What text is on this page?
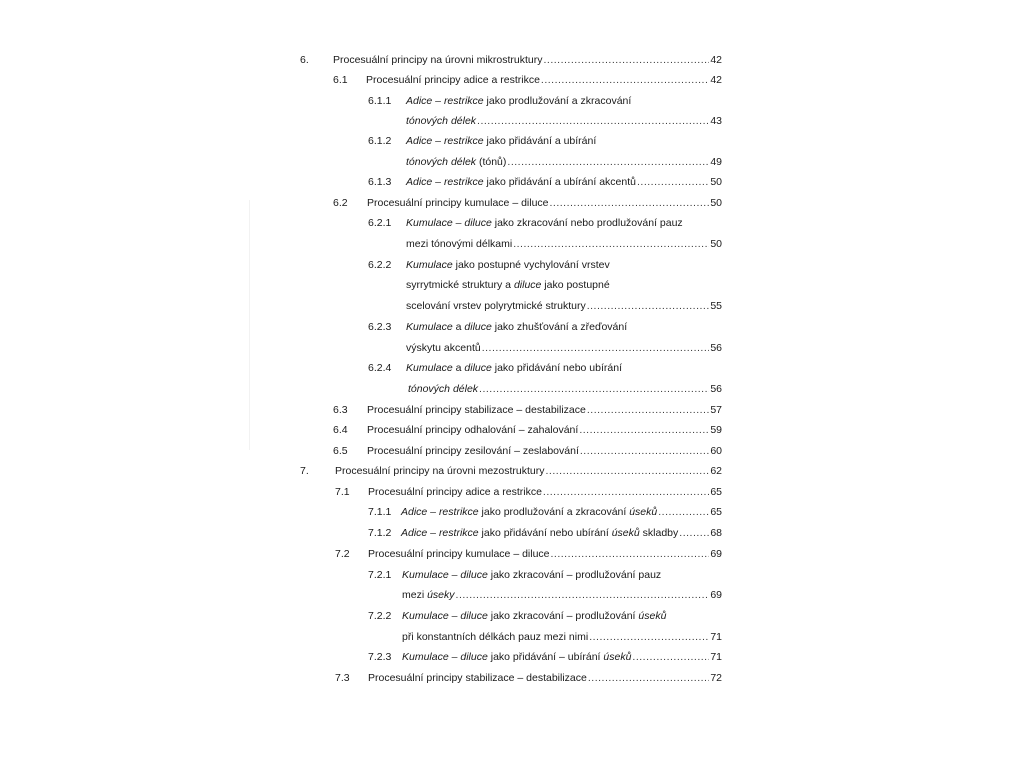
6. Procesuální principy na úrovni mikrostruktury .....	42
6.1 Procesuální principy adice a restrikce .....	42
6.1.1 Adice – restrikce jako prodlužování a zkracování
tónových délek .....	43
6.1.2 Adice – restrikce jako přidávání a ubírání
tónových délek (tónů) .....	49
6.1.3 Adice – restrikce jako přidávání a ubírání akcentů .....	50
6.2 Procesuální principy kumulace – diluce .....	50
6.2.1 Kumulace – diluce jako zkracování nebo prodlužování pauz
mezi tónovými délkami .....	50
6.2.2 Kumulace jako postupné vychylování vrstev
syrrytmické struktury a diluce jako postupné
scelování vrstev polyrytmické struktury .....	55
6.2.3 Kumulace a diluce jako zhušťování a zřeďování
výskytu akcentů .....	56
6.2.4 Kumulace a diluce jako přidávání nebo ubírání
tónových délek .....	56
6.3 Procesuální principy stabilizace – destabilizace .....	57
6.4 Procesuální principy odhalování – zahalování .....	59
6.5 Procesuální principy zesilování – zeslabování .....	60
7. Procesuální principy na úrovni mezostruktury .....	62
7.1 Procesuální principy adice a restrikce .....	65
7.1.1 Adice – restrikce jako prodlužování a zkracování úseků .....	65
7.1.2 Adice – restrikce jako přidávání nebo ubírání úseků skladby .....	68
7.2 Procesuální principy kumulace – diluce .....	69
7.2.1 Kumulace – diluce jako zkracování – prodlužování pauz
mezi úseky .....	69
7.2.2 Kumulace – diluce jako zkracování – prodlužování úseků
při konstantních délkách pauz mezi nimi .....	71
7.2.3 Kumulace – diluce jako přidávání – ubírání úseků .....	71
7.3 Procesuální principy stabilizace – destabilizace .....	72
